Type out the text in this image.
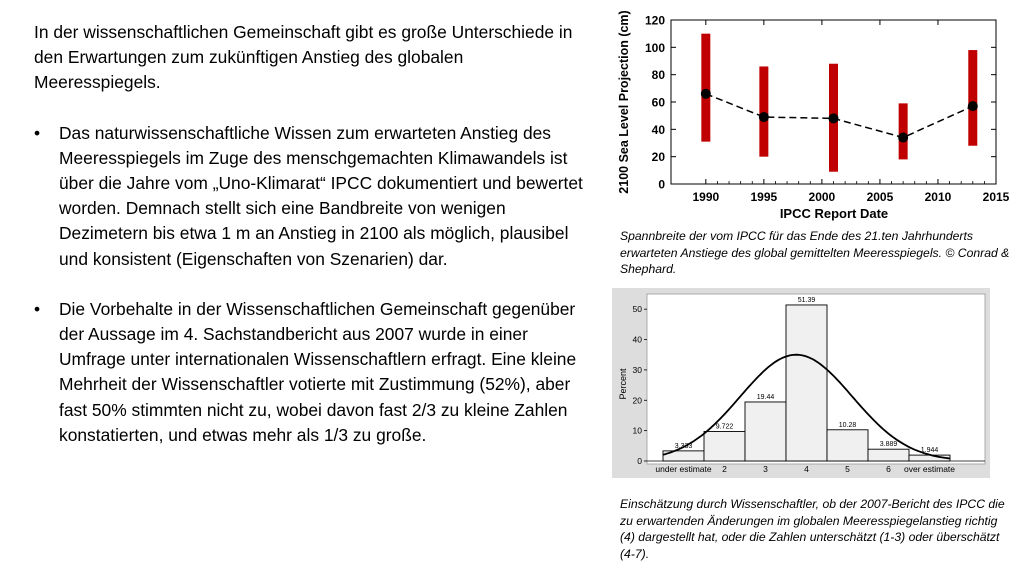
In der wissenschaftlichen Gemeinschaft gibt es große Unterschiede in den Erwartungen zum zukünftigen Anstieg des globalen Meeresspiegels.

• Das naturwissenschaftliche Wissen zum erwarteten Anstieg des Meeresspiegels im Zuge des menschgemachten Klimawandels ist über die Jahre vom „Uno-Klimarat“ IPCC dokumentiert und bewertet worden. Demnach stellt sich eine Bandbreite von wenigen Dezimetern bis etwa 1 m an Anstieg in 2100 als möglich, plausibel und konsistent (Eigenschaften von Szenarien) dar.
• Die Vorbehalte in der Wissenschaftlichen Gemeinschaft gegenüber der Aussage im 4. Sachstandbericht aus 2007 wurde in einer Umfrage unter internationalen Wissenschaftlern erfragt. Eine kleine Mehrheit der Wissenschaftler votierte mit Zustimmung (52%), aber fast 50% stimmten nicht zu, wobei davon fast 2/3 zu kleine Zahlen konstatierten, und etwas mehr als 1/3 zu große.
2100 Sea Level Projection (cm)
IPCC Report Date
0
20
40
60
80
100
120
1990	1995	2000	2005	2010	2015
Spannbreite der vom IPCC für das Ende des 21.ten Jahrhunderts erwarteten Anstiege des global gemittelten Meeresspiegels. © Conrad & Shephard.
Percent
0
10
20
30
40
50
3.333
under estimate
9.722
2
19.44
3
51.39
4
10.28
5
3.889
6
1.944
over estimate
Einschätzung durch Wissenschaftler, ob der 2007-Bericht des IPCC die zu erwartenden Änderungen im globalen Meeresspiegelanstieg richtig (4) dargestellt hat, oder die Zahlen unterschätzt (1-3) oder überschätzt (4-7).
